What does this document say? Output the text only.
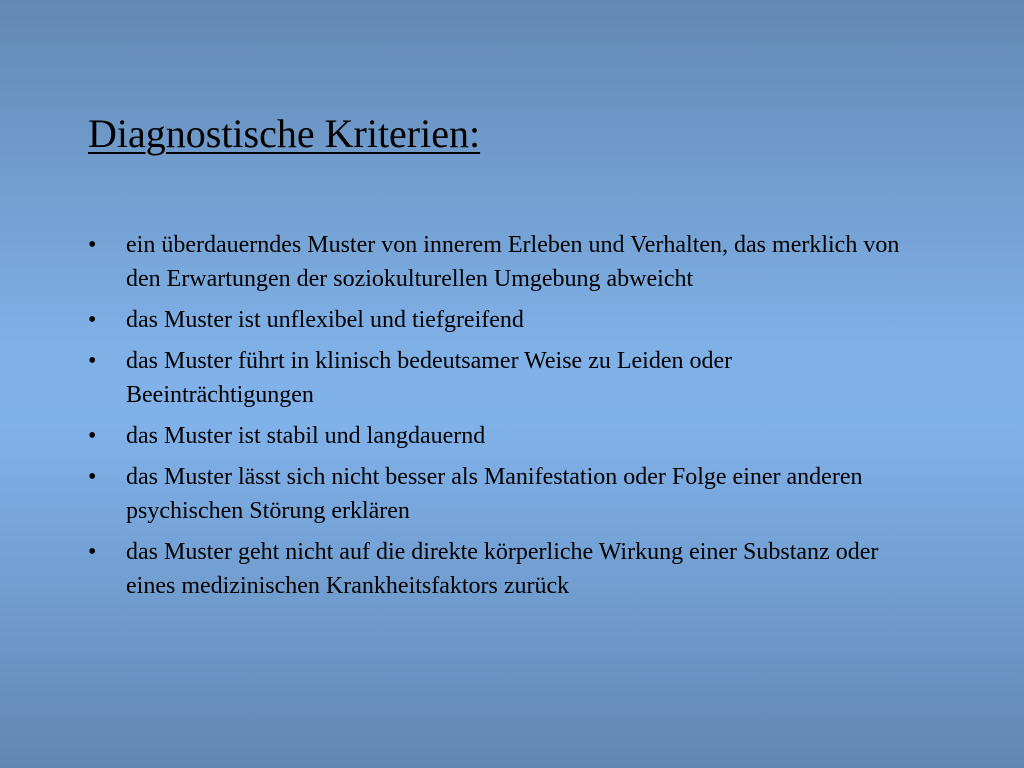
Diagnostische Kriterien:
•	ein überdauerndes Muster von innerem Erleben und Verhalten, das merklich von den Erwartungen der soziokulturellen Umgebung abweicht
•	das Muster ist unflexibel und tiefgreifend
•	das Muster führt in klinisch bedeutsamer Weise zu Leiden oder Beeinträchtigungen
•	das Muster ist stabil und langdauernd
•	das Muster lässt sich nicht besser als Manifestation oder Folge einer anderen psychischen Störung erklären
•	das Muster geht nicht auf die direkte körperliche Wirkung einer Substanz oder eines medizinischen Krankheitsfaktors zurück
